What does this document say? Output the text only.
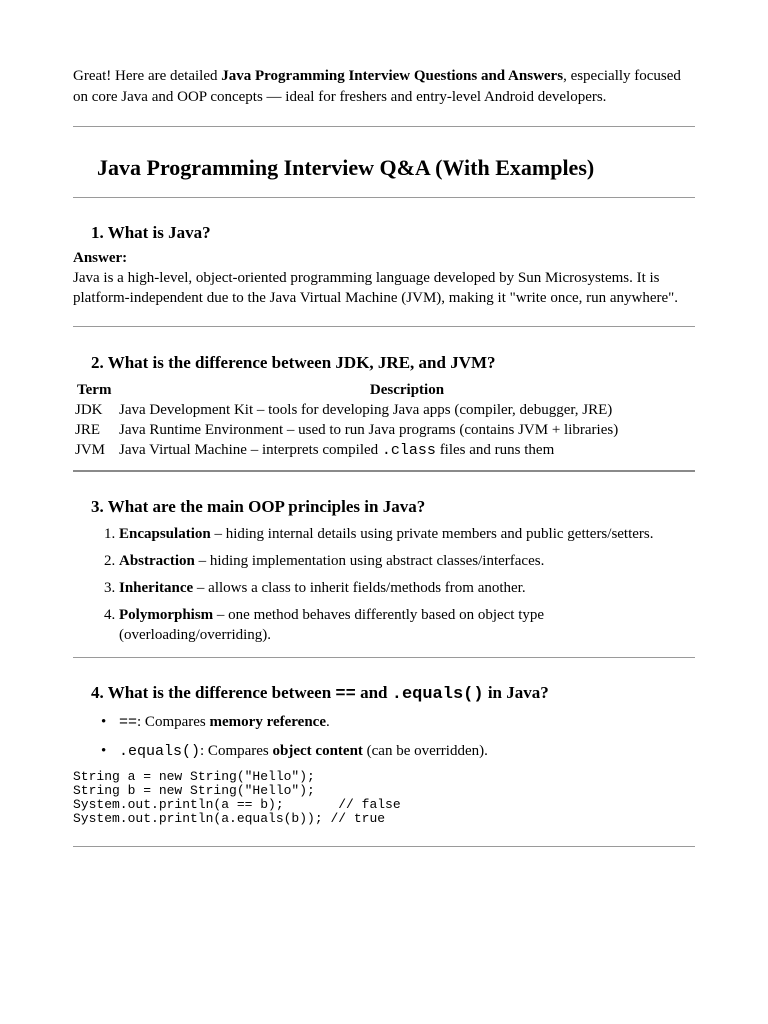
Great! Here are detailed Java Programming Interview Questions and Answers, especially focused on core Java and OOP concepts — ideal for freshers and entry-level Android developers.

Java Programming Interview Q&A (With Examples)
1. What is Java?

Answer:

Java is a high-level, object-oriented programming language developed by Sun Microsystems. It is platform-independent due to the Java Virtual Machine (JVM), making it "write once, run anywhere".

2. What is the difference between JDK, JRE, and JVM?
Term	Description
JDK	Java Development Kit – tools for developing Java apps (compiler, debugger, JRE)
JRE	Java Runtime Environment – used to run Java programs (contains JVM + libraries)
JVM	Java Virtual Machine – interprets compiled .class files and runs them
3. What are the main OOP principles in Java?
1. Encapsulation – hiding internal details using private members and public getters/setters.
2. Abstraction – hiding implementation using abstract classes/interfaces.
3. Inheritance – allows a class to inherit fields/methods from another.
4. Polymorphism – one method behaves differently based on object type (overloading/overriding).
4. What is the difference between == and .equals() in Java?
• ==: Compares memory reference.
• .equals(): Compares object content (can be overridden).
String a = new String("Hello");
String b = new String("Hello");
System.out.println(a == b);       // false
System.out.println(a.equals(b)); // true
